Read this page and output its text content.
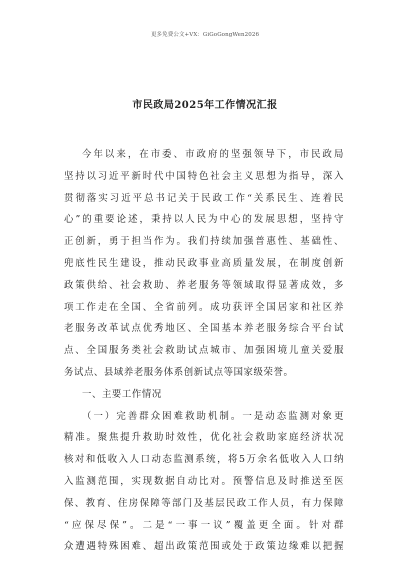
更多免费公文+VX：GiGoGongWen2026
市民政局2025年工作情况汇报

今年以来，在市委、市政府的坚强领导下，市民政局

坚持以习近平新时代中国特色社会主义思想为指导，深入

贯彻落实习近平总书记关于民政工作“关系民生、连着民

心”的重要论述，秉持以人民为中心的发展思想，坚持守

正创新，勇于担当作为。我们持续加强普惠性、基础性、

兜底性民生建设，推动民政事业高质量发展，在制度创新

政策供给、社会救助、养老服务等领域取得显著成效，多

项工作走在全国、全省前列。成功获评全国居家和社区养

老服务改革试点优秀地区、全国基本养老服务综合平台试

点、全国服务类社会救助试点城市、加强困境儿童关爱服

务试点、县域养老服务体系创新试点等国家级荣誉。

一、主要工作情况

（一）完善群众困难救助机制。一是动态监测对象更

精准。聚焦提升救助时效性，优化社会救助家庭经济状况

核对和低收入人口动态监测系统，将5万余名低收入人口纳

入监测范围，实现数据自动比对。预警信息及时推送至医

保、教育、住房保障等部门及基层民政工作人员，有力保障

“应保尽保”。二是“一事一议”覆盖更全面。针对群

众遭遇特殊困难、超出政策范围或处于政策边缘难以把握
